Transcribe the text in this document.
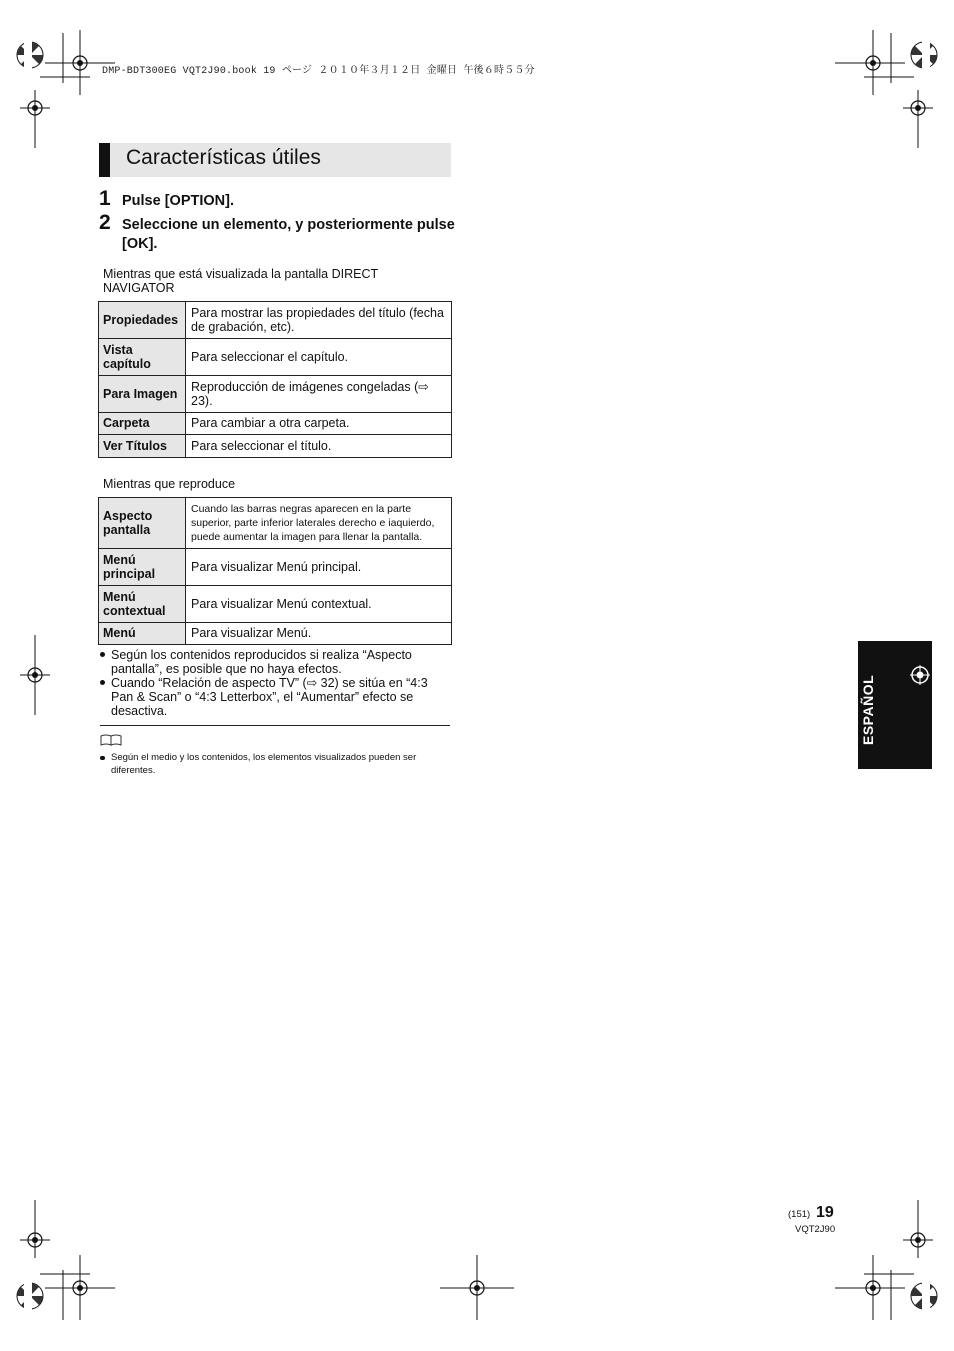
DMP-BDT300EG VQT2J90.book 19 ページ ２０１０年３月１２日 金曜日 午後６時５５分
Características útiles
1 Pulse [OPTION].
2 Seleccione un elemento, y posteriormente pulse [OK].
Mientras que está visualizada la pantalla DIRECT NAVIGATOR
Propiedades	Para mostrar las propiedades del título (fecha de grabación, etc).
Vista capítulo	Para seleccionar el capítulo.
Para Imagen	Reproducción de imágenes congeladas (⇨ 23).
Carpeta	Para cambiar a otra carpeta.
Ver Títulos	Para seleccionar el título.
Mientras que reproduce
Aspecto pantalla	Cuando las barras negras aparecen en la parte superior, parte inferior laterales derecho e iaquierdo, puede aumentar la imagen para llenar la pantalla.
Menú principal	Para visualizar Menú principal.
Menú contextual	Para visualizar Menú contextual.
Menú	Para visualizar Menú.
Según los contenidos reproducidos si realiza “Aspecto pantalla”, es posible que no haya efectos.
Cuando “Relación de aspecto TV” (⇨ 32) se sitúa en “4:3 Pan & Scan” o “4:3 Letterbox”, el “Aumentar” efecto se desactiva.
Según el medio y los contenidos, los elementos visualizados pueden ser diferentes.
ESPAÑOL
(151) 19
VQT2J90
